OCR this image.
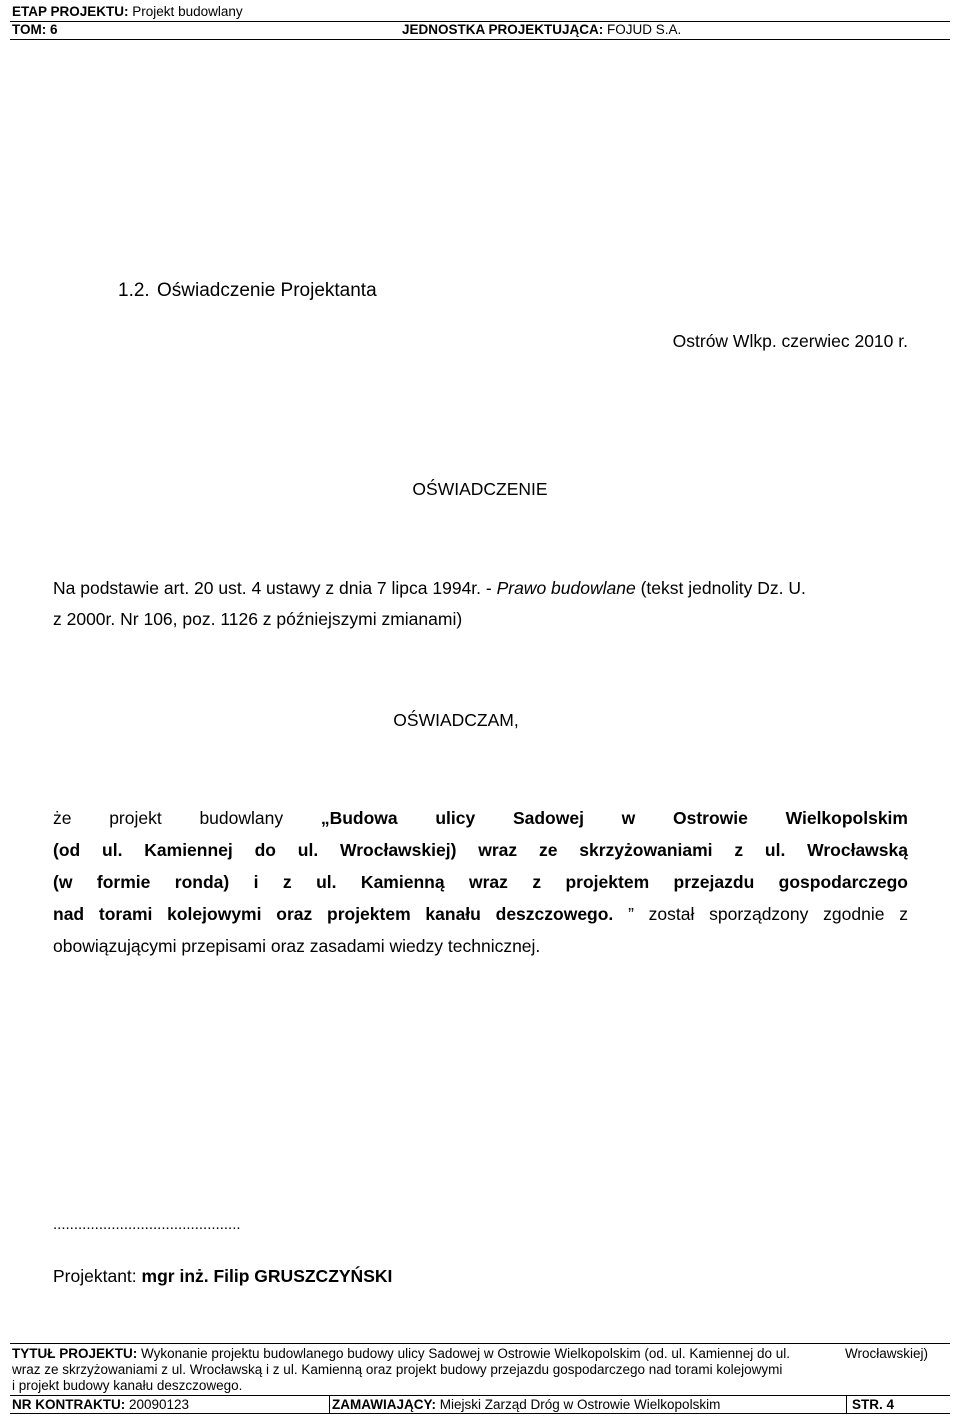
ETAP PROJEKTU: Projekt budowlany
TOM: 6	JEDNOSTKA PROJEKTUJĄCA: FOJUD S.A.
1.2. Oświadczenie Projektanta
Ostrów Wlkp. czerwiec 2010 r.
OŚWIADCZENIE
Na podstawie art. 20 ust. 4 ustawy z dnia 7 lipca 1994r. - Prawo budowlane (tekst jednolity Dz. U.
z 2000r. Nr 106, poz. 1126 z późniejszymi zmianami)
OŚWIADCZAM,
że projekt budowlany „Budowa ulicy Sadowej w Ostrowie Wielkopolskim
(od ul. Kamiennej do ul. Wrocławskiej) wraz ze skrzyżowaniami z ul. Wrocławską
(w formie ronda) i z ul. Kamienną wraz z projektem przejazdu gospodarczego
nad torami kolejowymi oraz projektem kanału deszczowego. ” został sporządzony zgodnie z
obowiązującymi przepisami oraz zasadami wiedzy technicznej.
.............................................
Projektant: mgr inż. Filip GRUSZCZYŃSKI
TYTUŁ PROJEKTU: Wykonanie projektu budowlanego budowy ulicy Sadowej w Ostrowie Wielkopolskim (od. ul. Kamiennej do ul.	Wrocławskiej)
wraz ze skrzyżowaniami z ul. Wrocławską i z ul. Kamienną oraz projekt budowy przejazdu gospodarczego nad torami kolejowymi
i projekt budowy kanału deszczowego.
NR KONTRAKTU: 20090123	ZAMAWIAJĄCY: Miejski Zarząd Dróg w Ostrowie Wielkopolskim	STR. 4
